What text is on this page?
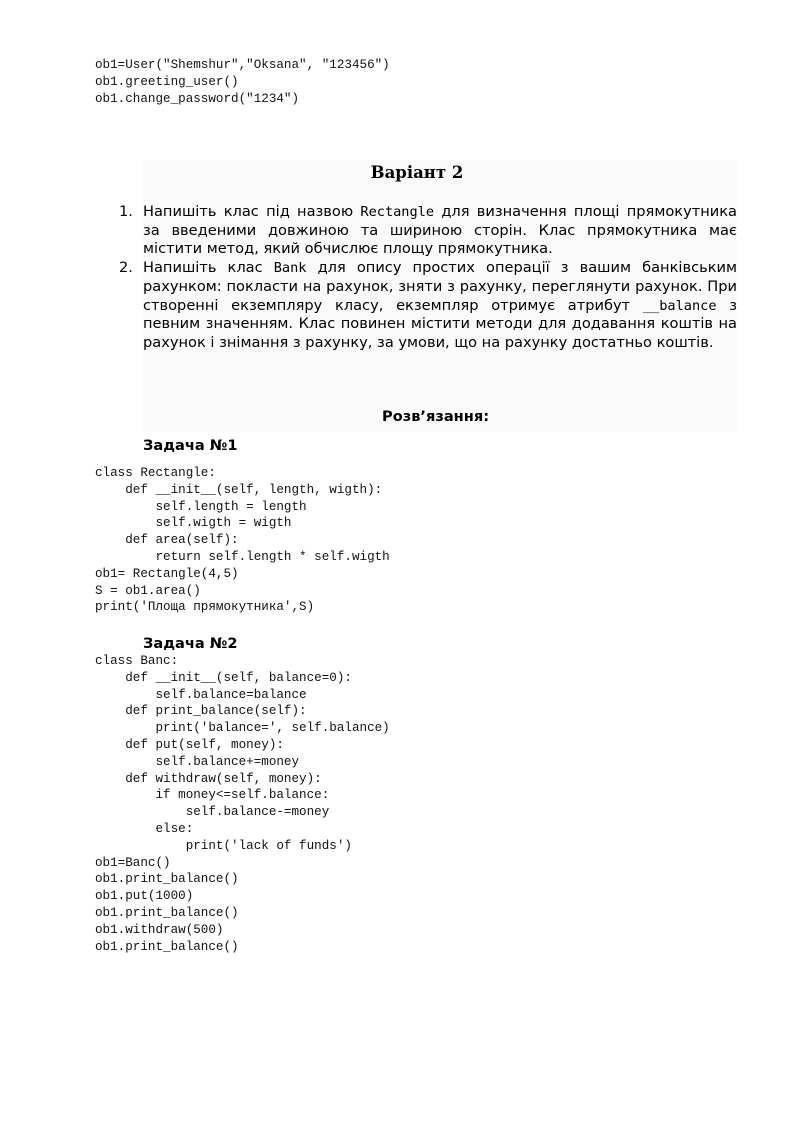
ob1=User("Shemshur","Oksana", "123456")
ob1.greeting_user()
ob1.change_password("1234")
Варіант 2
1. Напишіть клас під назвою Rectangle для визначення площі прямокутника за введеними довжиною та шириною сторін. Клас прямокутника має містити метод, який обчислює площу прямокутника.
2. Напишіть клас Bank для опису простих операції з вашим банківським рахунком: покласти на рахунок, зняти з рахунку, переглянути рахунок. При створенні екземпляру класу, екземпляр отримує атрибут __balance з певним значенням. Клас повинен містити методи для додавання коштів на рахунок і знімання з рахунку, за умови, що на рахунку достатньо коштів.
Розв’язання:
Задача №1
class Rectangle:
def __init__(self, length, wigth):
self.length = length
self.wigth = wigth
def area(self):
return self.length * self.wigth
ob1= Rectangle(4,5)
S = ob1.area()
print('Площа прямокутника',S)
Задача №2
class Banc:
def __init__(self, balance=0):
self.balance=balance
def print_balance(self):
print('balance=', self.balance)
def put(self, money):
self.balance+=money
def withdraw(self, money):
if money<=self.balance:
self.balance-=money
else:
print('lack of funds')
ob1=Banc()
ob1.print_balance()
ob1.put(1000)
ob1.print_balance()
ob1.withdraw(500)
ob1.print_balance()
